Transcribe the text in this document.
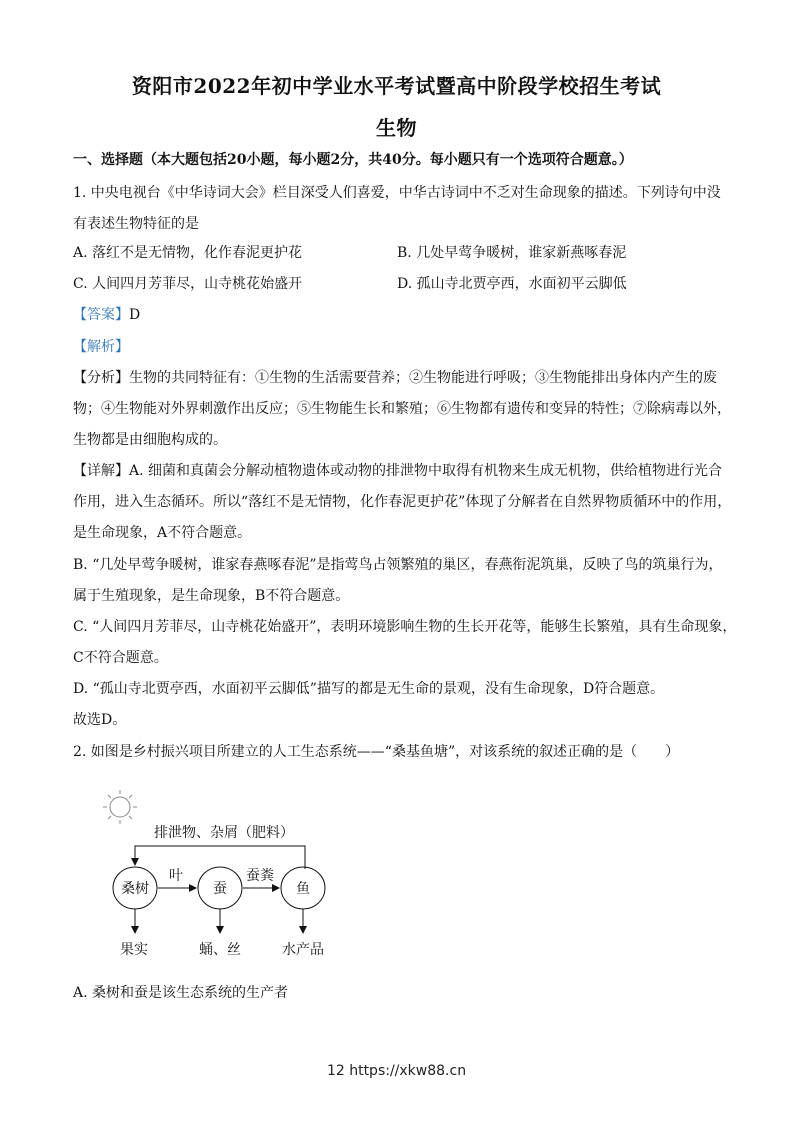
资阳市2022年初中学业水平考试暨高中阶段学校招生考试
生物
一、选择题（本大题包括20小题，每小题2分，共40分。每小题只有一个选项符合题意。）
1. 中央电视台《中华诗词大会》栏目深受人们喜爱，中华古诗词中不乏对生命现象的描述。下列诗句中没
有表述生物特征的是
A. 落红不是无情物，化作春泥更护花	B. 几处早莺争暖树，谁家新燕啄春泥
C. 人间四月芳菲尽，山寺桃花始盛开	D. 孤山寺北贾亭西，水面初平云脚低
【答案】D
【解析】
【分析】生物的共同特征有：①生物的生活需要营养；②生物能进行呼吸；③生物能排出身体内产生的废
物；④生物能对外界刺激作出反应；⑤生物能生长和繁殖；⑥生物都有遗传和变异的特性；⑦除病毒以外，
生物都是由细胞构成的。
【详解】A. 细菌和真菌会分解动植物遗体或动物的排泄物中取得有机物来生成无机物，供给植物进行光合
作用，进入生态循环。所以“落红不是无情物，化作春泥更护花”体现了分解者在自然界物质循环中的作用，
是生命现象，A不符合题意。
B. “几处早莺争暖树，谁家春燕啄春泥”是指莺鸟占领繁殖的巢区，春燕衔泥筑巢，反映了鸟的筑巢行为，
属于生殖现象，是生命现象，B不符合题意。
C. “人间四月芳菲尽，山寺桃花始盛开”，表明环境影响生物的生长开花等，能够生长繁殖，具有生命现象，
C不符合题意。
D. “孤山寺北贾亭西，水面初平云脚低”描写的都是无生命的景观，没有生命现象，D符合题意。
故选D。
2. 如图是乡村振兴项目所建立的人工生态系统——“桑基鱼塘”，对该系统的叙述正确的是（　　）
排泄物、杂屑（肥料）
桑树	蚕	鱼
叶	蚕粪
果实	蛹、丝	水产品
A. 桑树和蚕是该生态系统的生产者
12 https://xkw88.cn
